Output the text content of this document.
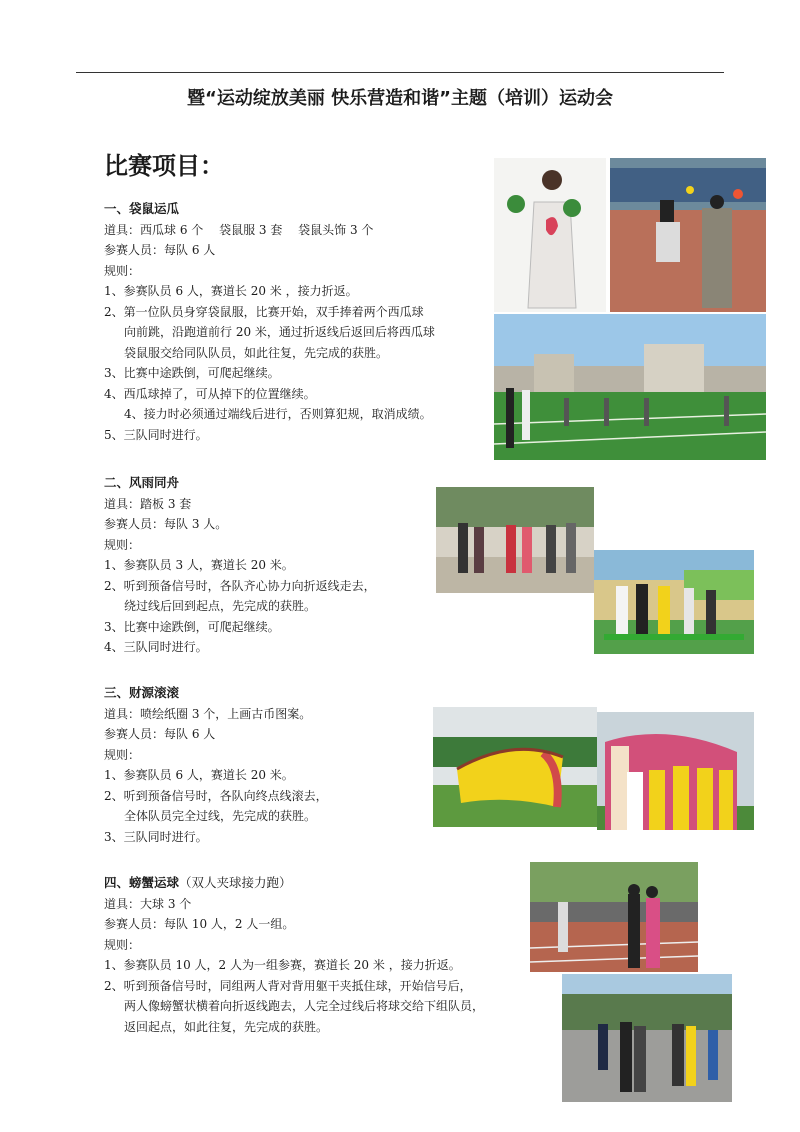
暨“运动绽放美丽 快乐营造和谐”主题（培训）运动会
比赛项目：
一、袋鼠运瓜
道具：西瓜球 6 个　 袋鼠服 3 套　 袋鼠头饰 3 个
参赛人员：每队 6 人
规则：
1、参赛队员 6 人，赛道长 20 米 ，接力折返。
2、第一位队员身穿袋鼠服，比赛开始，双手捧着两个西瓜球
向前跳，沿跑道前行 20 米，通过折返线后返回后将西瓜球
袋鼠服交给同队队员，如此往复，先完成的获胜。
3、比赛中途跌倒，可爬起继续。
4、西瓜球掉了，可从掉下的位置继续。
4、接力时必须通过端线后进行，否则算犯规，取消成绩。
5、三队同时进行。
二、风雨同舟
道具：踏板 3 套
参赛人员：每队 3 人。
规则：
1、参赛队员 3 人，赛道长 20 米。
2、听到预备信号时，各队齐心协力向折返线走去，
绕过线后回到起点，先完成的获胜。
3、比赛中途跌倒，可爬起继续。
4、三队同时进行。
三、财源滚滚
道具：喷绘纸圈 3 个，上画古币图案。
参赛人员：每队 6 人
规则：
1、参赛队员 6 人，赛道长 20 米。
2、听到预备信号时，各队向终点线滚去，
全体队员完全过线，先完成的获胜。
3、三队同时进行。
四、螃蟹运球（双人夹球接力跑）
道具：大球 3 个
参赛人员：每队 10 人，2 人一组。
规则：
1、参赛队员 10 人，2 人为一组参赛，赛道长 20 米 ，接力折返。
2、听到预备信号时，同组两人背对背用躯干夹抵住球，开始信号后，
两人像螃蟹状横着向折返线跑去，人完全过线后将球交给下组队员，
返回起点，如此往复，先完成的获胜。
